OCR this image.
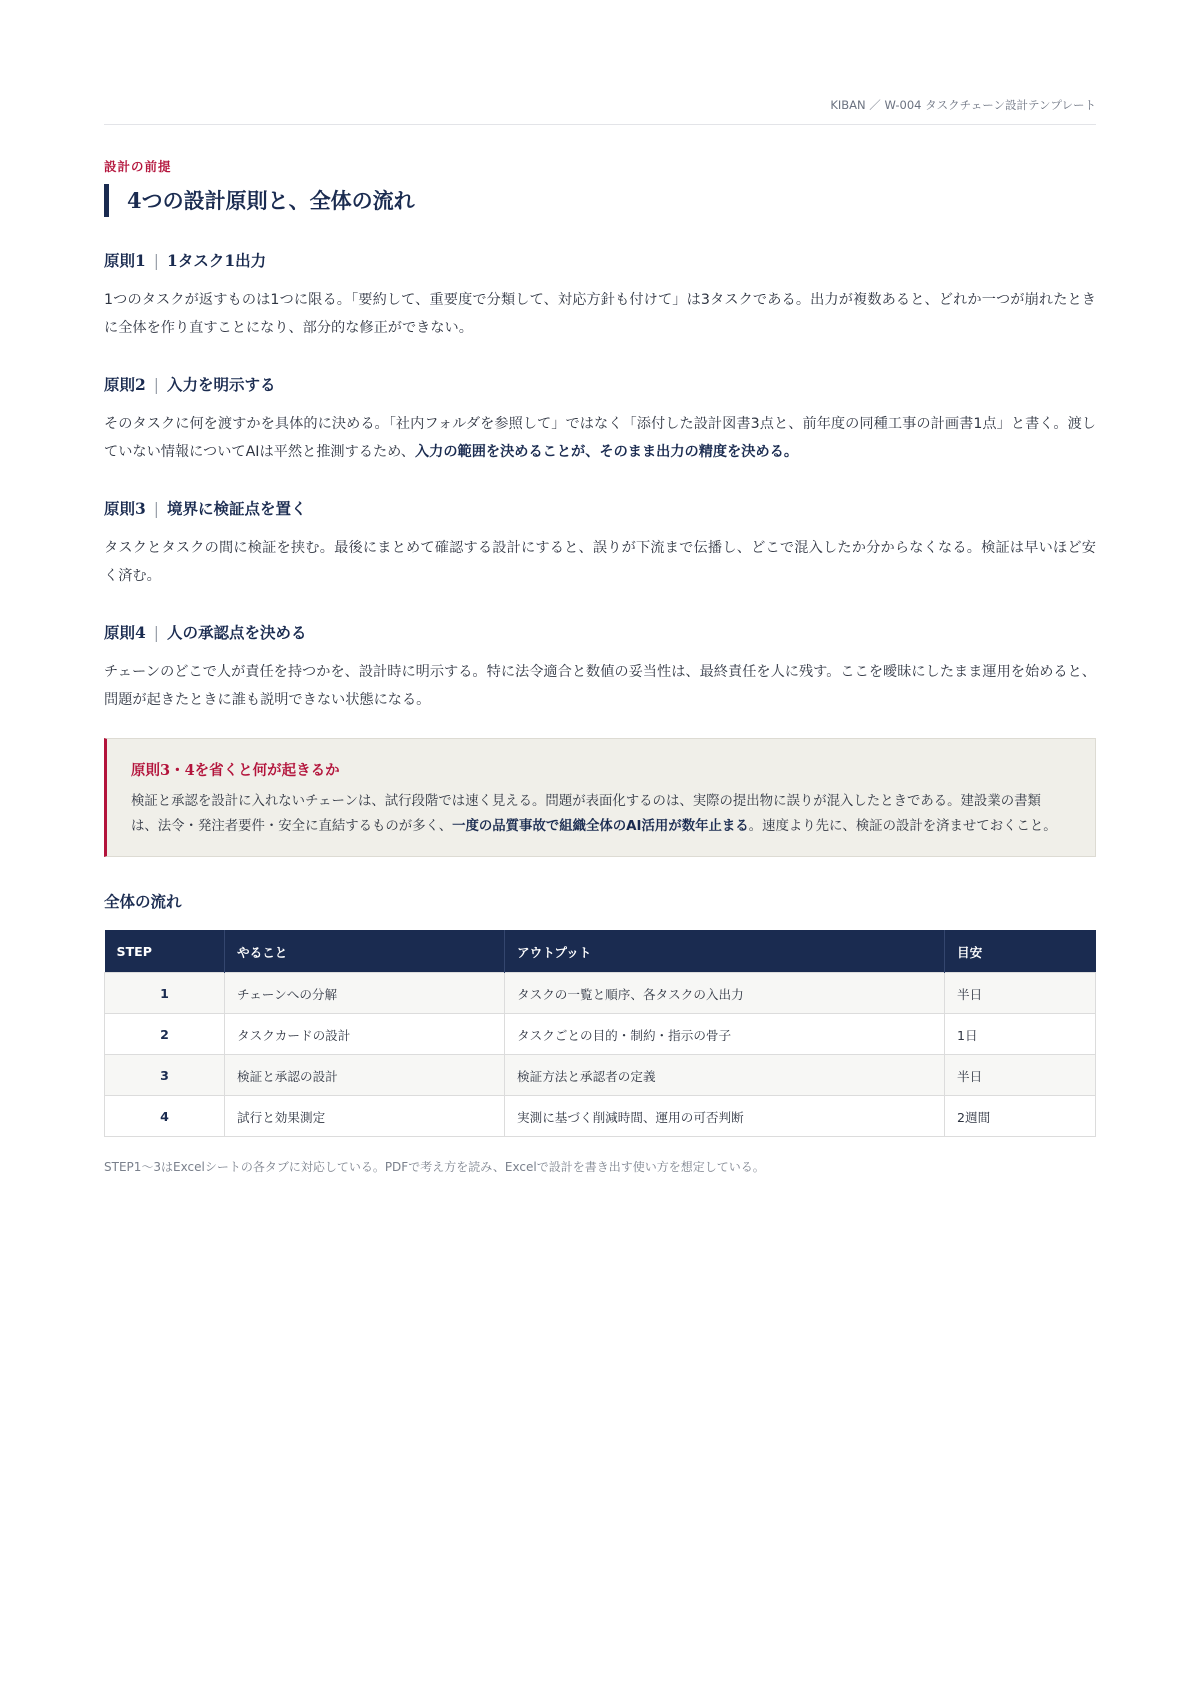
KIBAN ／ W-004 タスクチェーン設計テンプレート
設計の前提
4つの設計原則と、全体の流れ
原則1 | 1タスク1出力

1つのタスクが返すものは1つに限る。「要約して、重要度で分類して、対応方針も付けて」は3タスクである。出力が複数あると、どれか一つが崩れたときに全体を作り直すことになり、部分的な修正ができない。

原則2 | 入力を明示する

そのタスクに何を渡すかを具体的に決める。「社内フォルダを参照して」ではなく「添付した設計図書3点と、前年度の同種工事の計画書1点」と書く。渡していない情報についてAIは平然と推測するため、入力の範囲を決めることが、そのまま出力の精度を決める。

原則3 | 境界に検証点を置く

タスクとタスクの間に検証を挟む。最後にまとめて確認する設計にすると、誤りが下流まで伝播し、どこで混入したか分からなくなる。検証は早いほど安く済む。

原則4 | 人の承認点を決める

チェーンのどこで人が責任を持つかを、設計時に明示する。特に法令適合と数値の妥当性は、最終責任を人に残す。ここを曖昧にしたまま運用を始めると、問題が起きたときに誰も説明できない状態になる。

原則3・4を省くと何が起きるか
検証と承認を設計に入れないチェーンは、試行段階では速く見える。問題が表面化するのは、実際の提出物に誤りが混入したときである。建設業の書類は、法令・発注者要件・安全に直結するものが多く、一度の品質事故で組織全体のAI活用が数年止まる。速度より先に、検証の設計を済ませておくこと。
全体の流れ
STEP	やること	アウトプット	目安
1	チェーンへの分解	タスクの一覧と順序、各タスクの入出力	半日
2	タスクカードの設計	タスクごとの目的・制約・指示の骨子	1日
3	検証と承認の設計	検証方法と承認者の定義	半日
4	試行と効果測定	実測に基づく削減時間、運用の可否判断	2週間
STEP1〜3はExcelシートの各タブに対応している。PDFで考え方を読み、Excelで設計を書き出す使い方を想定している。
